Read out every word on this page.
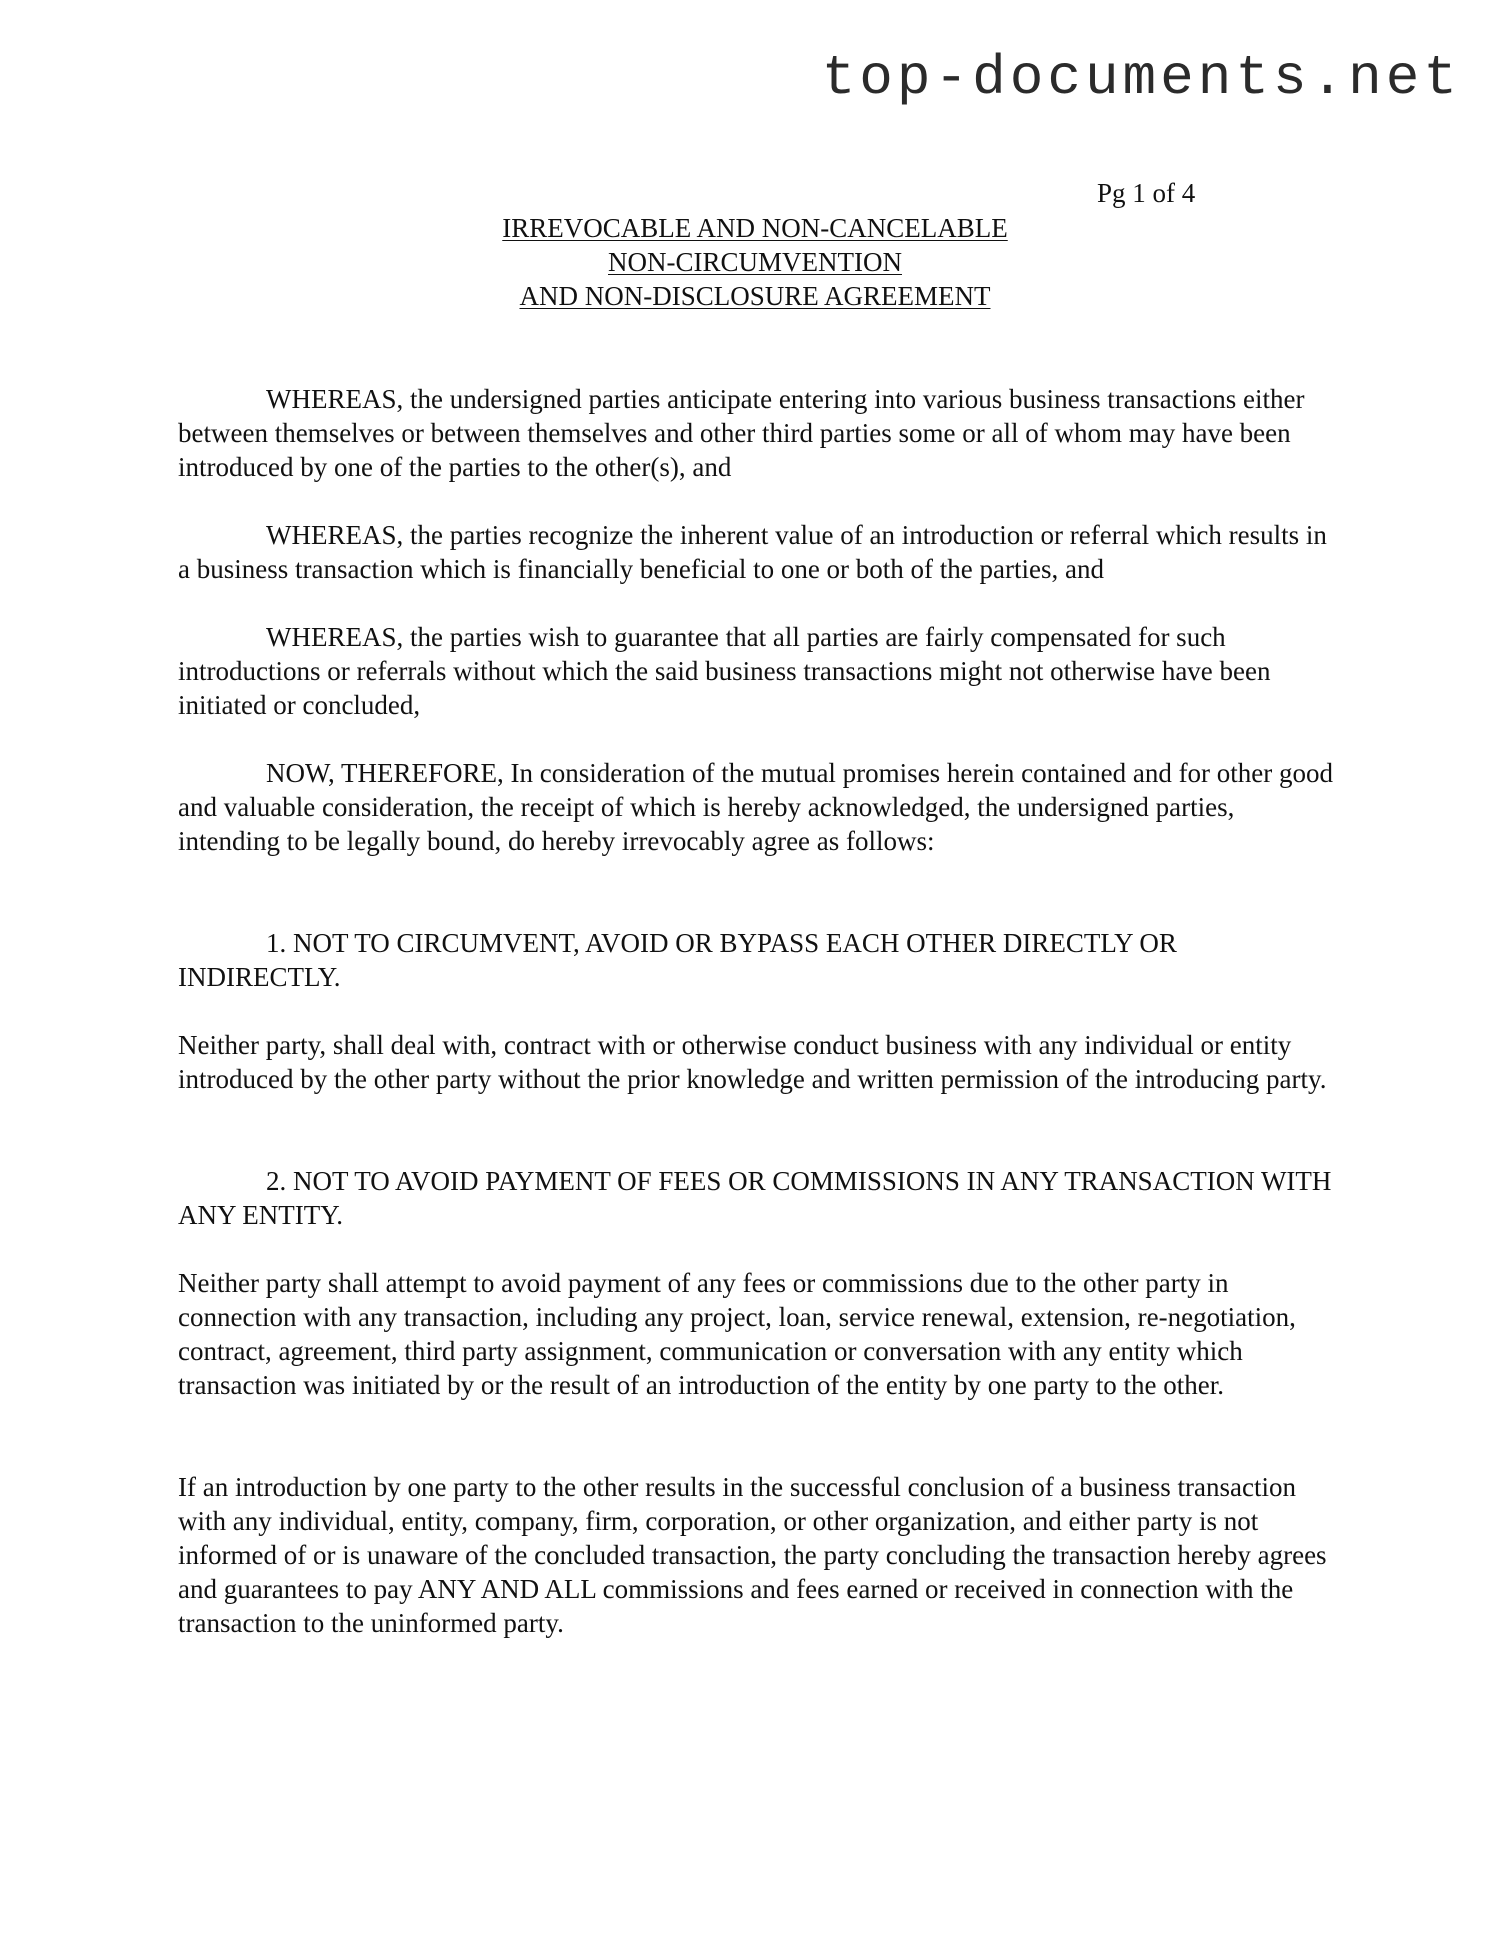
top-documents.net
Pg 1 of 4
IRREVOCABLE AND NON-CANCELABLE
NON-CIRCUMVENTION
AND NON-DISCLOSURE AGREEMENT

WHEREAS, the undersigned parties anticipate entering into various business transactions either between themselves or between themselves and other third parties some or all of whom may have been introduced by one of the parties to the other(s), and

WHEREAS, the parties recognize the inherent value of an introduction or referral which results in a business transaction which is financially beneficial to one or both of the parties, and

WHEREAS, the parties wish to guarantee that all parties are fairly compensated for such introductions or referrals without which the said business transactions might not otherwise have been initiated or concluded,

NOW, THEREFORE, In consideration of the mutual promises herein contained and for other good and valuable consideration, the receipt of which is hereby acknowledged, the undersigned parties, intending to be legally bound, do hereby irrevocably agree as follows:

1. NOT TO CIRCUMVENT, AVOID OR BYPASS EACH OTHER DIRECTLY OR INDIRECTLY.

Neither party, shall deal with, contract with or otherwise conduct business with any individual or entity introduced by the other party without the prior knowledge and written permission of the introducing party.

2. NOT TO AVOID PAYMENT OF FEES OR COMMISSIONS IN ANY TRANSACTION WITH ANY ENTITY.

Neither party shall attempt to avoid payment of any fees or commissions due to the other party in connection with any transaction, including any project, loan, service renewal, extension, re-negotiation, contract, agreement, third party assignment, communication or conversation with any entity which transaction was initiated by or the result of an introduction of the entity by one party to the other.

If an introduction by one party to the other results in the successful conclusion of a business transaction with any individual, entity, company, firm, corporation, or other organization, and either party is not informed of or is unaware of the concluded transaction, the party concluding the transaction hereby agrees and guarantees to pay ANY AND ALL commissions and fees earned or received in connection with the transaction to the uninformed party.
